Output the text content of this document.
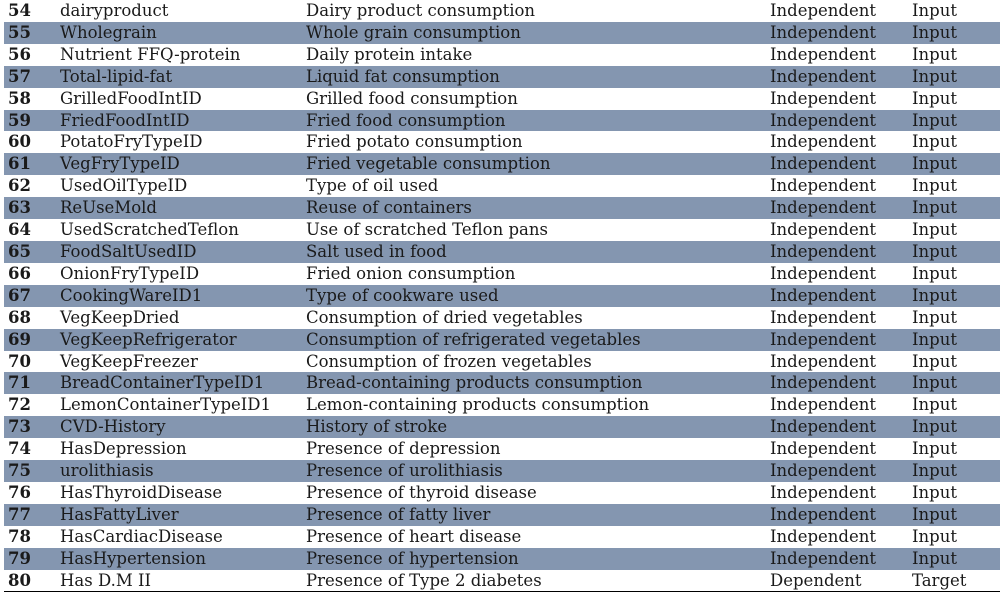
54	dairyproduct	Dairy product consumption	Independent	Input
55	Wholegrain	Whole grain consumption	Independent	Input
56	Nutrient FFQ-protein	Daily protein intake	Independent	Input
57	Total-lipid-fat	Liquid fat consumption	Independent	Input
58	GrilledFoodIntID	Grilled food consumption	Independent	Input
59	FriedFoodIntID	Fried food consumption	Independent	Input
60	PotatoFryTypeID	Fried potato consumption	Independent	Input
61	VegFryTypeID	Fried vegetable consumption	Independent	Input
62	UsedOilTypeID	Type of oil used	Independent	Input
63	ReUseMold	Reuse of containers	Independent	Input
64	UsedScratchedTeflon	Use of scratched Teflon pans	Independent	Input
65	FoodSaltUsedID	Salt used in food	Independent	Input
66	OnionFryTypeID	Fried onion consumption	Independent	Input
67	CookingWareID1	Type of cookware used	Independent	Input
68	VegKeepDried	Consumption of dried vegetables	Independent	Input
69	VegKeepRefrigerator	Consumption of refrigerated vegetables	Independent	Input
70	VegKeepFreezer	Consumption of frozen vegetables	Independent	Input
71	BreadContainerTypeID1	Bread-containing products consumption	Independent	Input
72	LemonContainerTypeID1	Lemon-containing products consumption	Independent	Input
73	CVD-History	History of stroke	Independent	Input
74	HasDepression	Presence of depression	Independent	Input
75	urolithiasis	Presence of urolithiasis	Independent	Input
76	HasThyroidDisease	Presence of thyroid disease	Independent	Input
77	HasFattyLiver	Presence of fatty liver	Independent	Input
78	HasCardiacDisease	Presence of heart disease	Independent	Input
79	HasHypertension	Presence of hypertension	Independent	Input
80	Has D.M II	Presence of Type 2 diabetes	Dependent	Target
